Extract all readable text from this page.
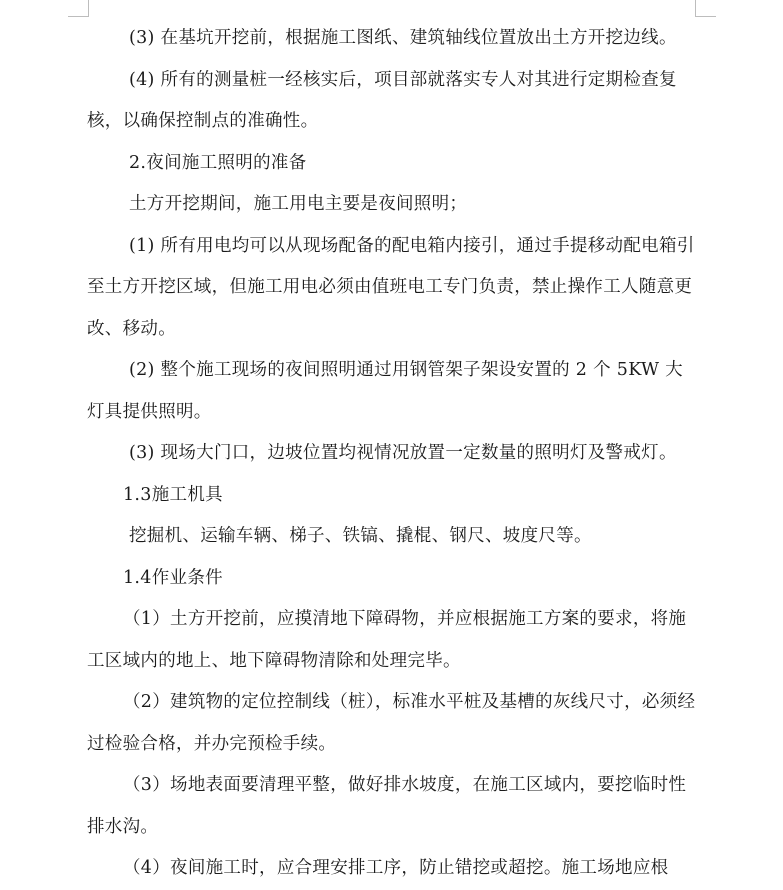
(3) 在基坑开挖前，根据施工图纸、建筑轴线位置放出土方开挖边线。

(4) 所有的测量桩一经核实后，项目部就落实专人对其进行定期检查复核，以确保控制点的准确性。

2.夜间施工照明的准备

土方开挖期间，施工用电主要是夜间照明；

(1) 所有用电均可以从现场配备的配电箱内接引，通过手提移动配电箱引至土方开挖区域，但施工用电必须由值班电工专门负责，禁止操作工人随意更改、移动。

(2) 整个施工现场的夜间照明通过用钢管架子架设安置的 2 个 5KW 大灯具提供照明。

(3) 现场大门口，边坡位置均视情况放置一定数量的照明灯及警戒灯。

1.3施工机具

挖掘机、运输车辆、梯子、铁镐、撬棍、钢尺、坡度尺等。

1.4作业条件

（1）土方开挖前，应摸清地下障碍物，并应根据施工方案的要求，将施工区域内的地上、地下障碍物清除和处理完毕。

（2）建筑物的定位控制线（桩），标准水平桩及基槽的灰线尺寸，必须经过检验合格，并办完预检手续。

（3）场地表面要清理平整，做好排水坡度，在施工区域内，要挖临时性排水沟。

（4）夜间施工时，应合理安排工序，防止错挖或超挖。施工场地应根
